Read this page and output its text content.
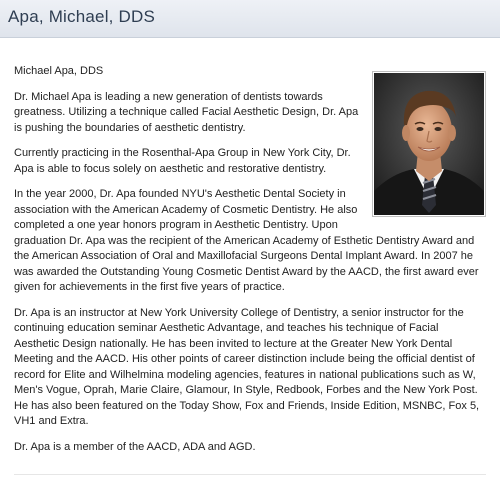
Apa, Michael, DDS

Michael Apa, DDS

Dr. Michael Apa is leading a new generation of dentists towards greatness. Utilizing a technique called Facial Aesthetic Design, Dr. Apa is pushing the boundaries of aesthetic dentistry.

Currently practicing in the Rosenthal-Apa Group in New York City, Dr. Apa is able to focus solely on aesthetic and restorative dentistry.

In the year 2000, Dr. Apa founded NYU's Aesthetic Dental Society in association with the American Academy of Cosmetic Dentistry. He also completed a one year honors program in Aesthetic Dentistry. Upon graduation Dr. Apa was the recipient of the American Academy of Esthetic Dentistry Award and the American Association of Oral and Maxillofacial Surgeons Dental Implant Award. In 2007 he was awarded the Outstanding Young Cosmetic Dentist Award by the AACD, the first award ever given for achievements in the first five years of practice.

Dr. Apa is an instructor at New York University College of Dentistry, a senior instructor for the continuing education seminar Aesthetic Advantage, and teaches his technique of Facial Aesthetic Design nationally. He has been invited to lecture at the Greater New York Dental Meeting and the AACD. His other points of career distinction include being the official dentist of record for Elite and Wilhelmina modeling agencies, features in national publications such as W, Men's Vogue, Oprah, Marie Claire, Glamour, In Style, Redbook, Forbes and the New York Post. He has also been featured on the Today Show, Fox and Friends, Inside Edition, MSNBC, Fox 5, VH1 and Extra.

Dr. Apa is a member of the AACD, ADA and AGD.
